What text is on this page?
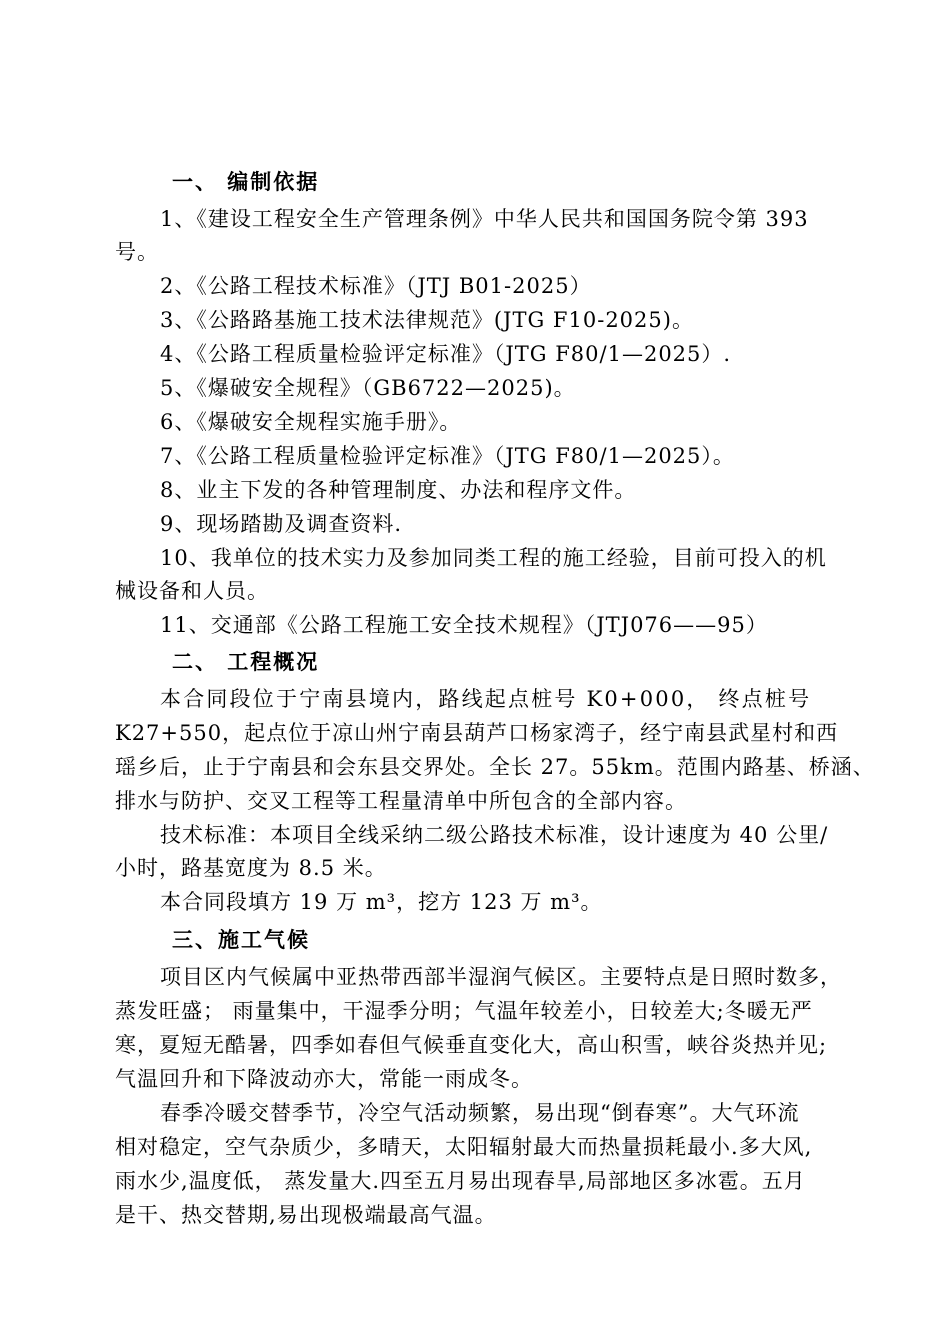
一、 编制依据
1、《建设工程安全生产管理条例》中华人民共和国国务院令第 393
号。
2、《公路工程技术标准》（JTJ B01-2025）
3、《公路路基施工技术法律规范》(JTG F10-2025)。
4、《公路工程质量检验评定标准》（JTG F80/1—2025）.
5、《爆破安全规程》（GB6722—2025)。
6、《爆破安全规程实施手册》。
7、《公路工程质量检验评定标准》（JTG F80/1—2025）。
8、业主下发的各种管理制度、办法和程序文件。
9、现场踏勘及调查资料.
10、我单位的技术实力及参加同类工程的施工经验，目前可投入的机
械设备和人员。
11、交通部《公路工程施工安全技术规程》（JTJ076——95）
二、 工程概况
本合同段位于宁南县境内，路线起点桩号 K0+000， 终点桩号
K27+550，起点位于凉山州宁南县葫芦口杨家湾子，经宁南县武星村和西
瑶乡后，止于宁南县和会东县交界处。全长 27。55km。范围内路基、桥涵、
排水与防护、交叉工程等工程量清单中所包含的全部内容。
技术标准：本项目全线采纳二级公路技术标准，设计速度为 40 公里/
小时，路基宽度为 8.5 米。
本合同段填方 19 万 m³，挖方 123 万 m³。
三、施工气候
项目区内气候属中亚热带西部半湿润气候区。主要特点是日照时数多，
蒸发旺盛； 雨量集中，干湿季分明；气温年较差小，日较差大;冬暖无严
寒，夏短无酷暑，四季如春但气候垂直变化大，高山积雪，峡谷炎热并见;
气温回升和下降波动亦大，常能一雨成冬。
春季冷暖交替季节，冷空气活动频繁，易出现“倒春寒”。大气环流
相对稳定，空气杂质少，多晴天，太阳辐射最大而热量损耗最小.多大风,
雨水少,温度低， 蒸发量大.四至五月易出现春旱,局部地区多冰雹。五月
是干、热交替期,易出现极端最高气温。
